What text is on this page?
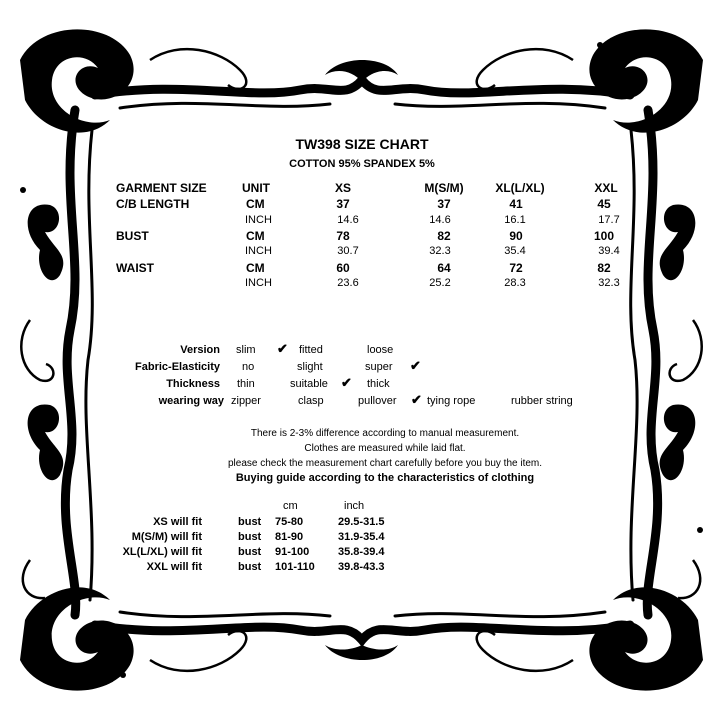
TW398 SIZE CHART
COTTON 95% SPANDEX 5%
GARMENT SIZE	UNIT	XS	M(S/M)	XL(L/XL)	XXL
C/B LENGTH	CM	37	37	41	45
INCH	14.6	14.6	16.1	17.7
BUST	CM	78	82	90	100
INCH	30.7	32.3	35.4	39.4
WAIST	CM	60	64	72	82
INCH	23.6	25.2	28.3	32.3
Version slim ✔ fitted	loose
Fabric-Elasticity no	slight	super ✔
Thickness thin	suitable ✔ thick
wearing way zipper	clasp	pullover ✔ tying rope	rubber string
There is 2-3% difference according to manual measurement.
Clothes are measured while laid flat.
please check the measurement chart carefully before you buy the item.
Buying guide according to the characteristics of clothing
cm	inch
XS will fit	bust 75-80	29.5-31.5
M(S/M) will fit	bust 81-90	31.9-35.4
XL(L/XL) will fit	bust 91-100	35.8-39.4
XXL will fit	bust 101-110 39.8-43.3
